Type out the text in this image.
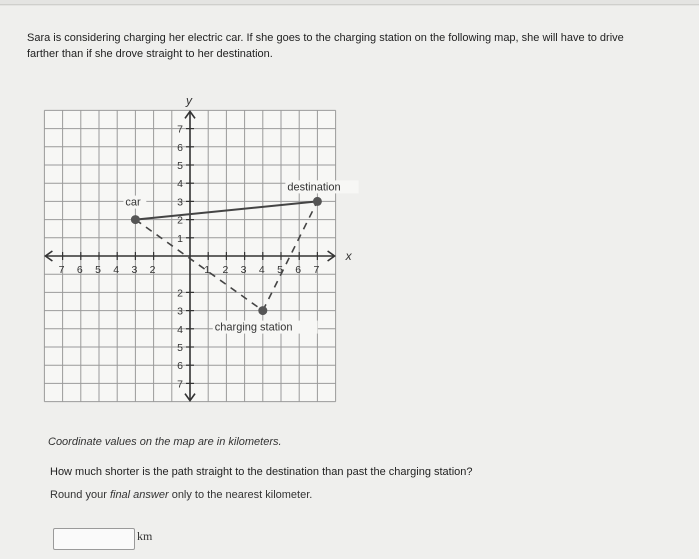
Sara is considering charging her electric car. If she goes to the charging station on the following map, she will have to drive farther than if she drove straight to her destination.
7 6 5 4 3 2	1 2 3 4 5 6 7
7
6
5
4
3
2
1
2
3
4
5
6
7
x
y
car
destination
charging station
Coordinate values on the map are in kilometers.
How much shorter is the path straight to the destination than past the charging station?
Round your final answer only to the nearest kilometer.
km
